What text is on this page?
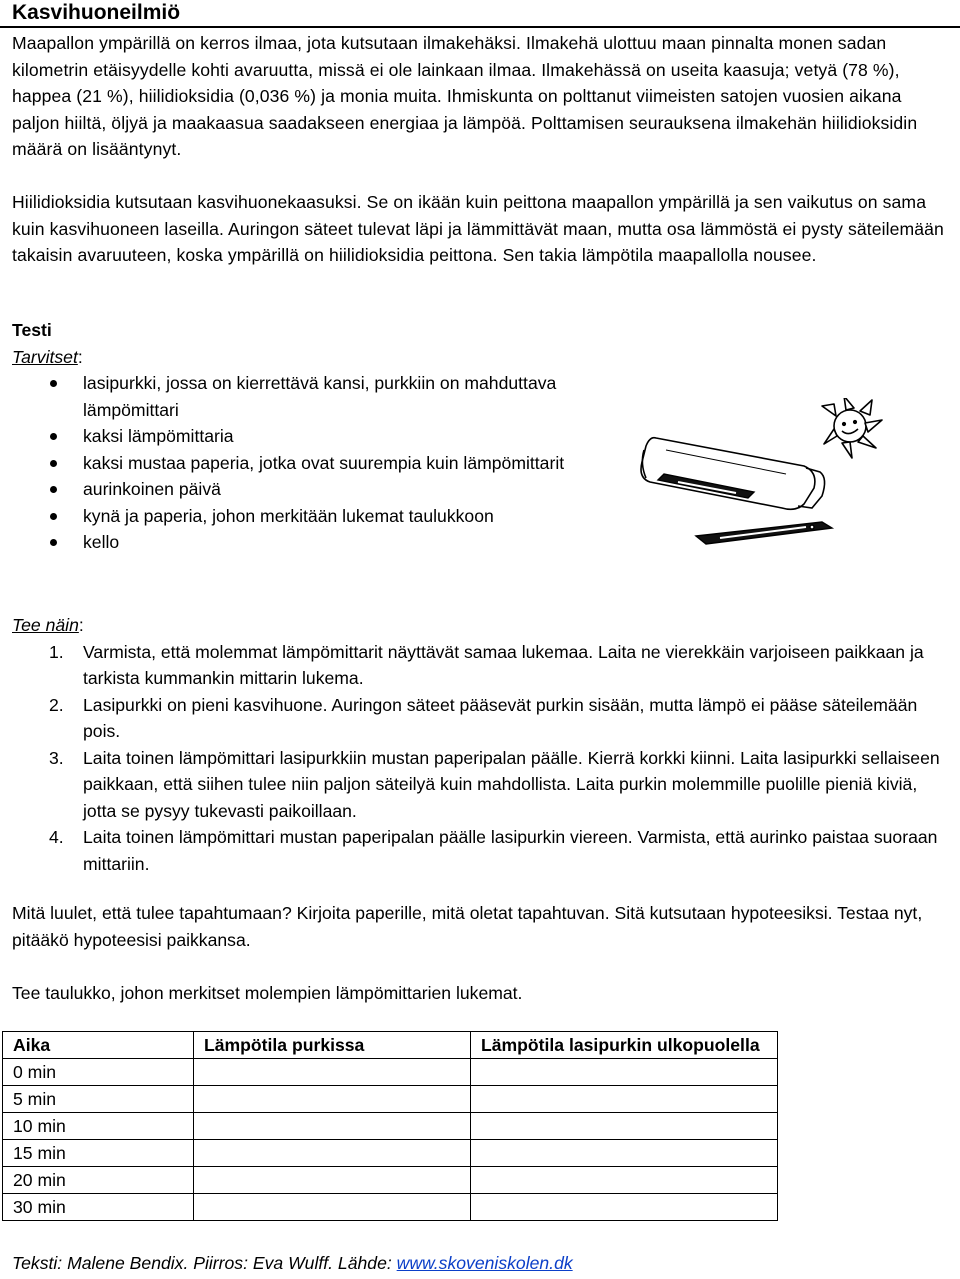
Kasvihuoneilmiö

Maapallon ympärillä on kerros ilmaa, jota kutsutaan ilmakehäksi. Ilmakehä ulottuu maan pinnalta monen sadan kilometrin etäisyydelle kohti avaruutta, missä ei ole lainkaan ilmaa. Ilmakehässä on useita kaasuja; vetyä (78 %), happea (21 %), hiilidioksidia (0,036 %) ja monia muita. Ihmiskunta on polttanut viimeisten satojen vuosien aikana paljon hiiltä, öljyä ja maakaasua saadakseen energiaa ja lämpöä. Polttamisen seurauksena ilmakehän hiilidioksidin määrä on lisääntynyt.

Hiilidioksidia kutsutaan kasvihuonekaasuksi. Se on ikään kuin peittona maapallon ympärillä ja sen vaikutus on sama kuin kasvihuoneen laseilla. Auringon säteet tulevat läpi ja lämmittävät maan, mutta osa lämmöstä ei pysty säteilemään takaisin avaruuteen, koska ympärillä on hiilidioksidia peittona. Sen takia lämpötila maapallolla nousee.

Testi
Tarvitset:
lasipurkki, jossa on kierrettävä kansi, purkkiin on mahduttava lämpömittari
kaksi lämpömittaria
kaksi mustaa paperia, jotka ovat suurempia kuin lämpömittarit
aurinkoinen päivä
kynä ja paperia, johon merkitään lukemat taulukkoon
kello
Tee näin:
1. Varmista, että molemmat lämpömittarit näyttävät samaa lukemaa. Laita ne vierekkäin varjoiseen paikkaan ja tarkista kummankin mittarin lukema.
2. Lasipurkki on pieni kasvihuone. Auringon säteet pääsevät purkin sisään, mutta lämpö ei pääse säteilemään pois.
3. Laita toinen lämpömittari lasipurkkiin mustan paperipalan päälle. Kierrä korkki kiinni. Laita lasipurkki sellaiseen paikkaan, että siihen tulee niin paljon säteilyä kuin mahdollista. Laita purkin molemmille puolille pieniä kiviä, jotta se pysyy tukevasti paikoillaan.
4. Laita toinen lämpömittari mustan paperipalan päälle lasipurkin viereen. Varmista, että aurinko paistaa suoraan mittariin.
Mitä luulet, että tulee tapahtumaan? Kirjoita paperille, mitä oletat tapahtuvan. Sitä kutsutaan hypoteesiksi. Testaa nyt, pitääkö hypoteesisi paikkansa.
Tee taulukko, johon merkitset molempien lämpömittarien lukemat.
Aika	Lämpötila purkissa	Lämpötila lasipurkin ulkopuolella
0 min		
5 min		
10 min		
15 min		
20 min		
30 min		
Teksti: Malene Bendix. Piirros: Eva Wulff. Lähde: www.skoveniskolen.dk
